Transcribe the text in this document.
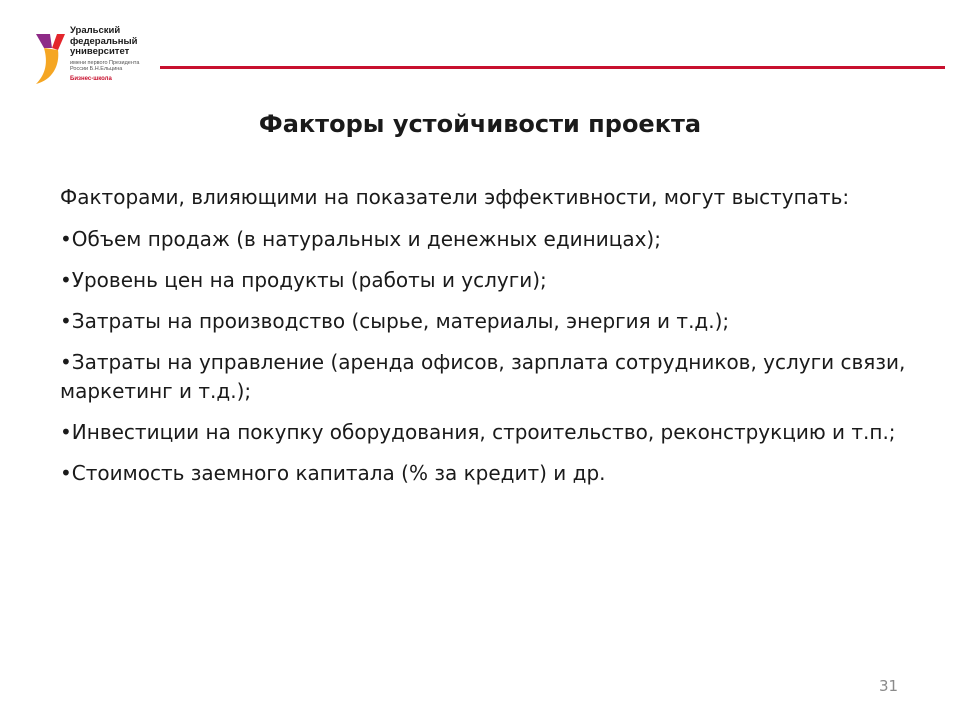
Уральский
федеральный
университет
имени первого Президента России Б.Н.Ельцина
Бизнес-школа
Факторы устойчивости проекта

Факторами, влияющими на показатели эффективности, могут выступать:

•Объем продаж (в натуральных и денежных единицах);
•Уровень цен на продукты (работы и услуги);
•Затраты на производство (сырье, материалы, энергия и т.д.);
•Затраты на управление (аренда офисов, зарплата сотрудников, услуги связи, маркетинг и т.д.);
•Инвестиции на покупку оборудования, строительство, реконструкцию и т.п.;
•Стоимость заемного капитала (% за кредит) и др.
31
